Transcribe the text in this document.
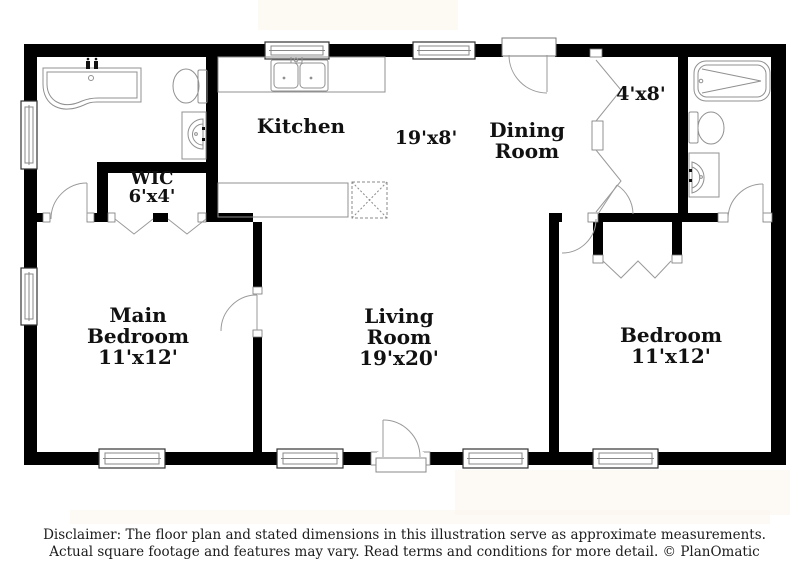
Kitchen	19'x8' Dining
Room
4'x8'
WIC
6'x4'
Main
Bedroom
11'x12'
Living
Room
19'x20'
Bedroom
11'x12'
Disclaimer: The floor plan and stated dimensions in this illustration serve as approximate measurements.
Actual square footage and features may vary. Read terms and conditions for more detail. © PlanOmatic
